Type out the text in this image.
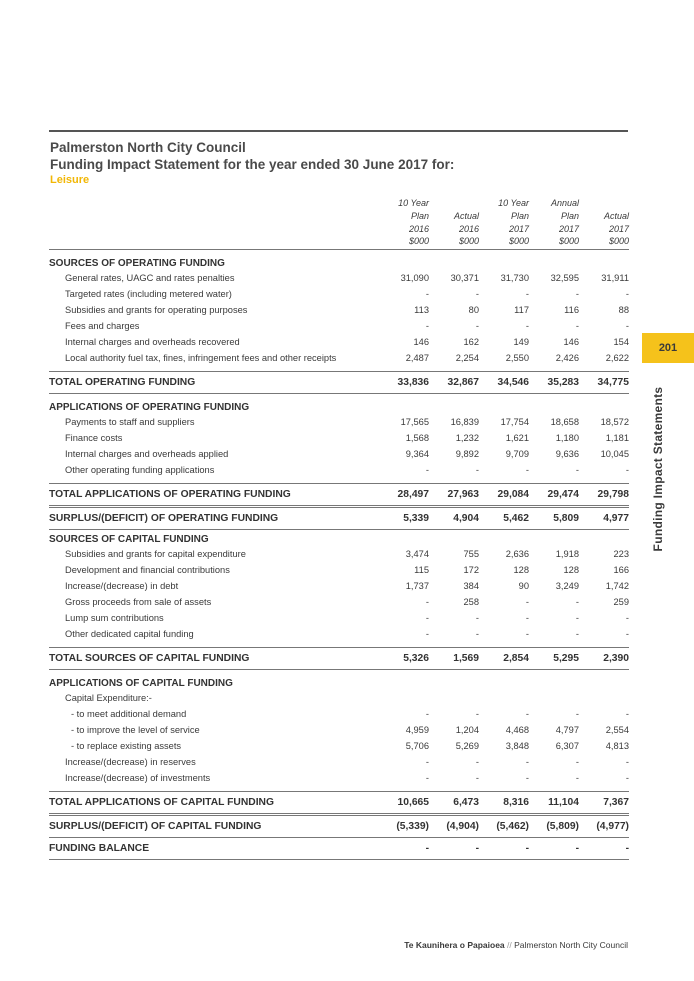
Palmerston North City Council
Funding Impact Statement for the year ended 30 June 2017 for:
Leisure
	10 Year		10 Year	Annual	
	Plan	Actual	Plan	Plan	Actual
	2016	2016	2017	2017	2017
	$000	$000	$000	$000	$000
SOURCES OF OPERATING FUNDING					
General rates, UAGC and rates penalties	31,090	30,371	31,730	32,595	31,911
Targeted rates (including metered water)	-	-	-	-	-
Subsidies and grants for operating purposes	113	80	117	116	88
Fees and charges	-	-	-	-	-
Internal charges and overheads recovered	146	162	149	146	154
Local authority fuel tax, fines, infringement fees and other receipts	2,487	2,254	2,550	2,426	2,622

TOTAL OPERATING FUNDING	33,836	32,867	34,546	35,283	34,775
APPLICATIONS OF OPERATING FUNDING					
Payments to staff and suppliers	17,565	16,839	17,754	18,658	18,572
Finance costs	1,568	1,232	1,621	1,180	1,181
Internal charges and overheads applied	9,364	9,892	9,709	9,636	10,045
Other operating funding applications	-	-	-	-	-

TOTAL APPLICATIONS OF OPERATING FUNDING	28,497	27,963	29,084	29,474	29,798
SURPLUS/(DEFICIT) OF OPERATING FUNDING	5,339	4,904	5,462	5,809	4,977
SOURCES OF CAPITAL FUNDING					
Subsidies and grants for capital expenditure	3,474	755	2,636	1,918	223
Development and financial contributions	115	172	128	128	166
Increase/(decrease) in debt	1,737	384	90	3,249	1,742
Gross proceeds from sale of assets	-	258	-	-	259
Lump sum contributions	-	-	-	-	-
Other dedicated capital funding	-	-	-	-	-

TOTAL SOURCES OF CAPITAL FUNDING	5,326	1,569	2,854	5,295	2,390
APPLICATIONS OF CAPITAL FUNDING					
Capital Expenditure:-					
- to meet additional demand	-	-	-	-	-
- to improve the level of service	4,959	1,204	4,468	4,797	2,554
- to replace existing assets	5,706	5,269	3,848	6,307	4,813
Increase/(decrease) in reserves	-	-	-	-	-
Increase/(decrease) of investments	-	-	-	-	-

TOTAL APPLICATIONS OF CAPITAL FUNDING	10,665	6,473	8,316	11,104	7,367
SURPLUS/(DEFICIT) OF CAPITAL FUNDING	(5,339)	(4,904)	(5,462)	(5,809)	(4,977)
FUNDING BALANCE	-	-	-	-	-
201
Funding Impact Statements
Te Kaunihera o Papaioea // Palmerston North City Council
